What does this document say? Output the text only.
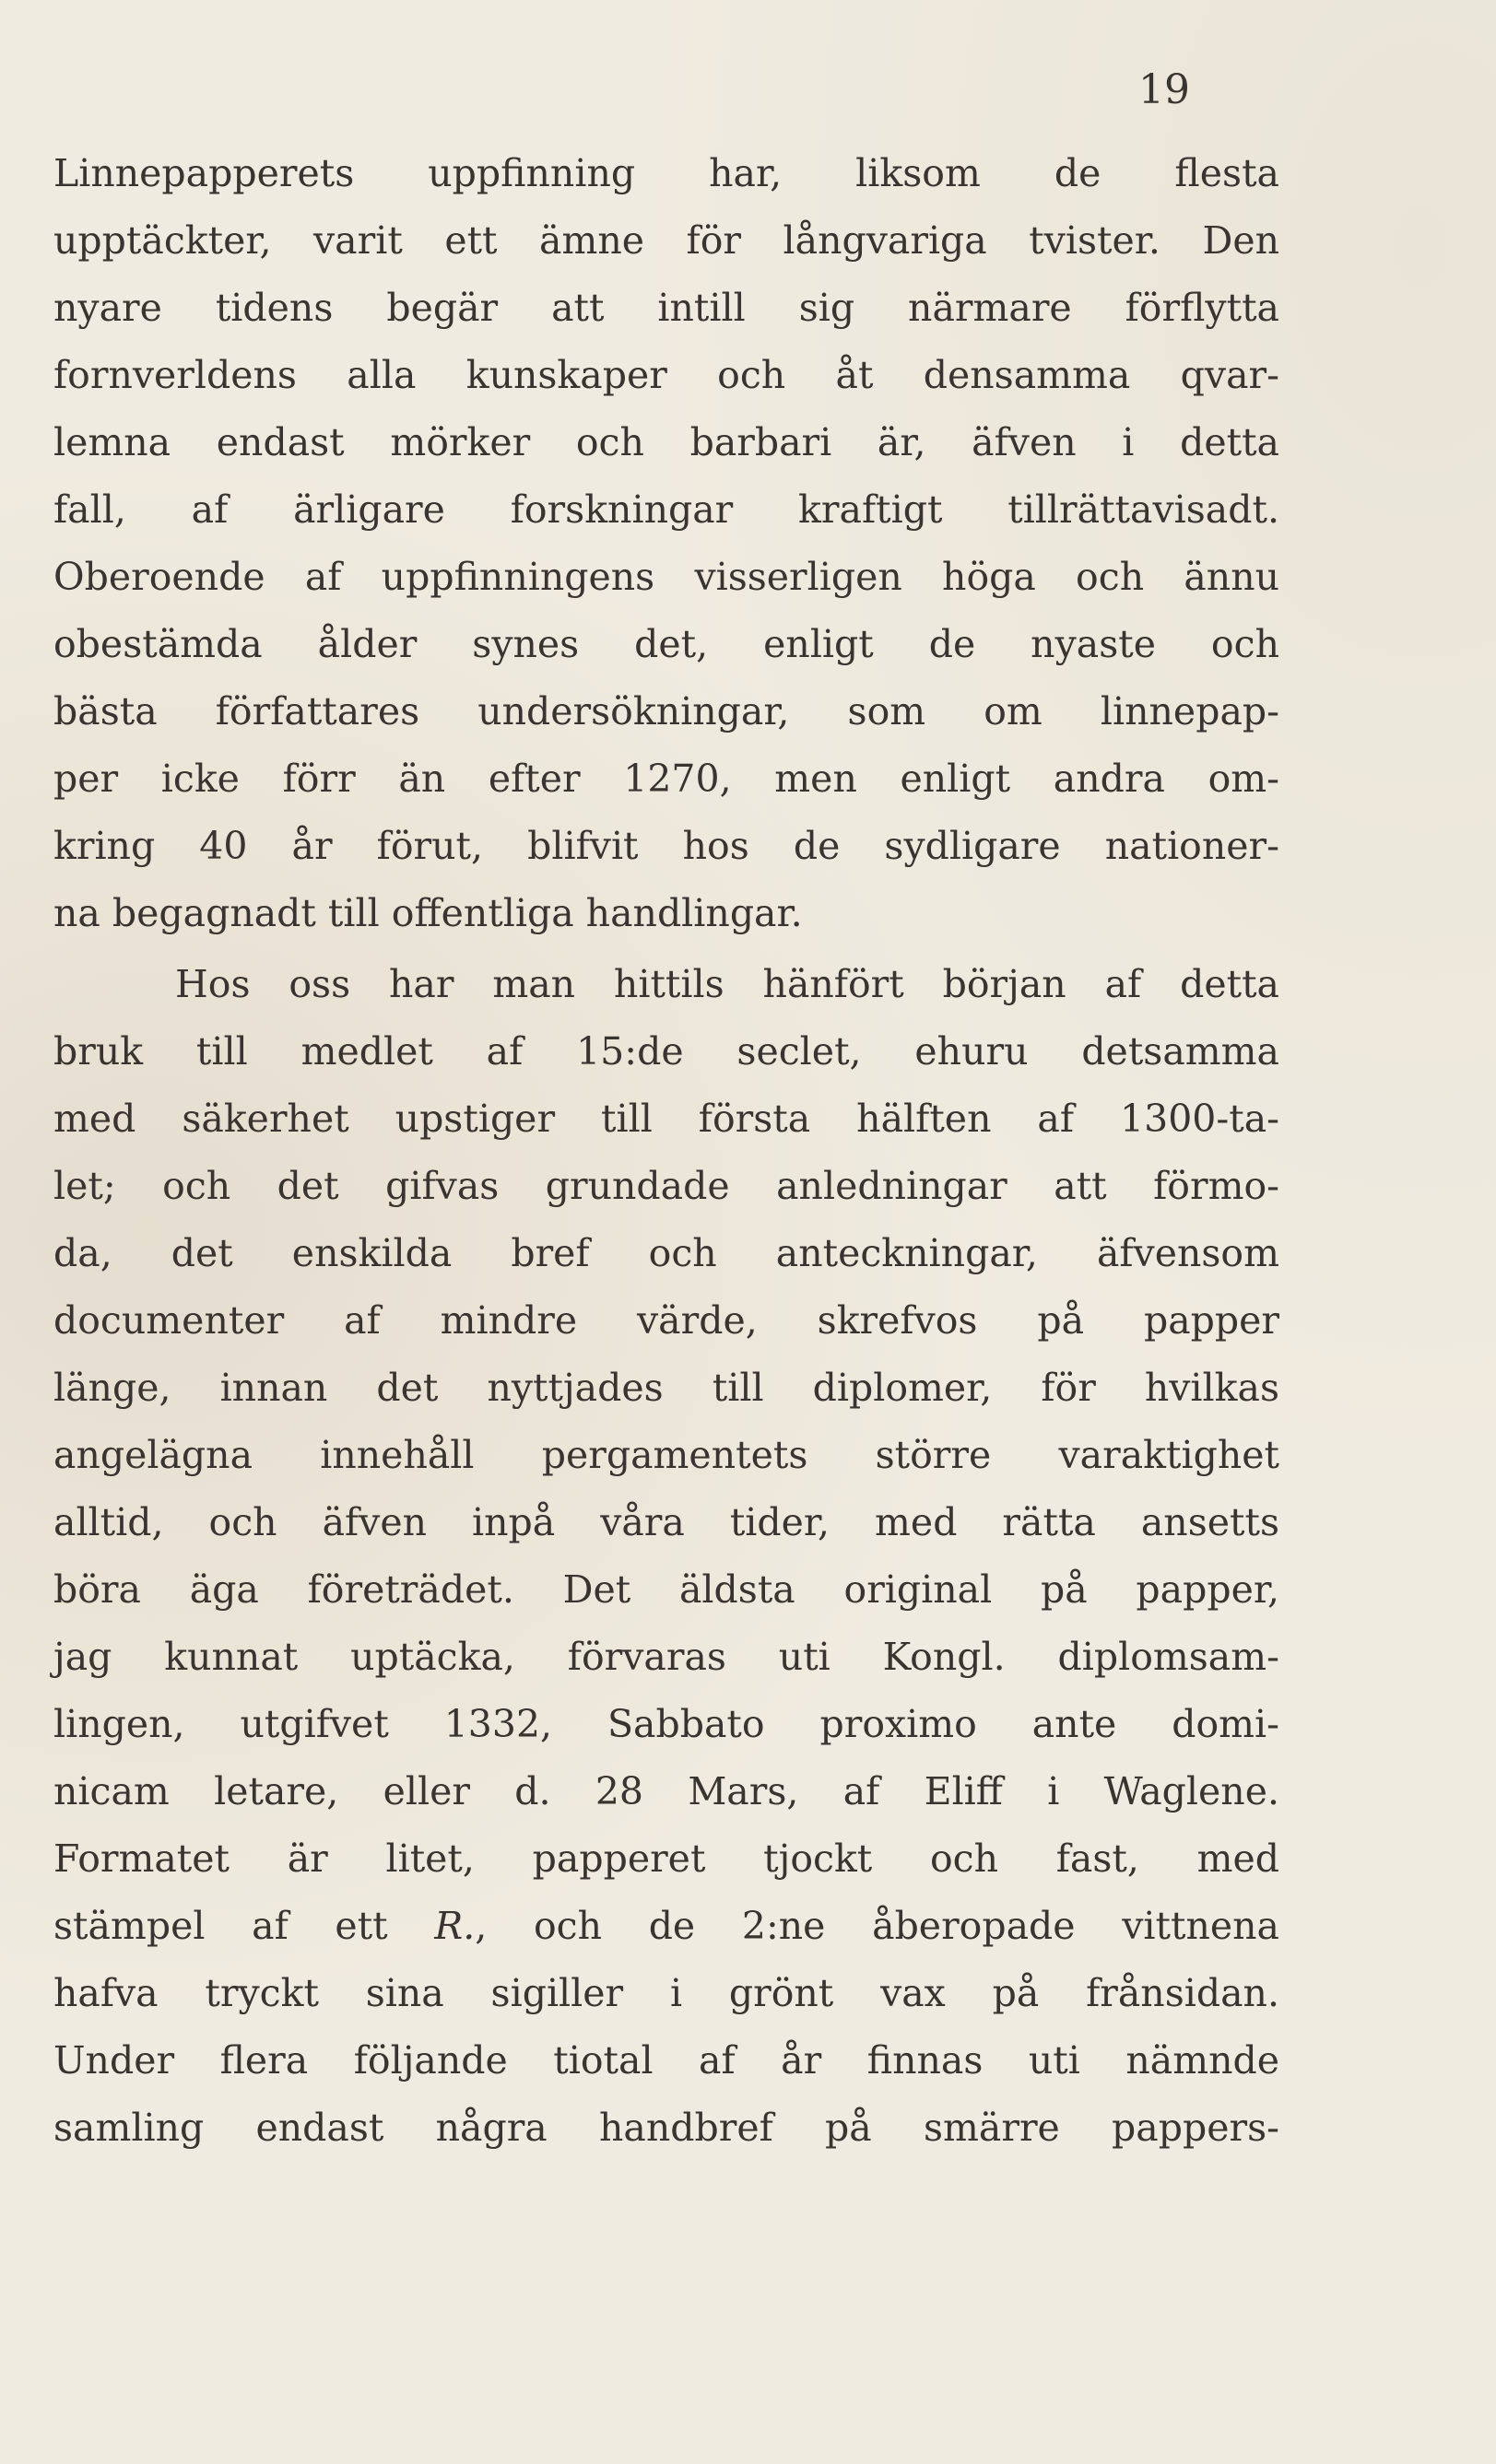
19
Linnepapperets uppfinning har, liksom de flesta
upptäckter, varit ett ämne för långvariga tvister. Den
nyare tidens begär att intill sig närmare förflytta
fornverldens alla kunskaper och åt densamma qvar-
lemna endast mörker och barbari är, äfven i detta
fall, af ärligare forskningar kraftigt tillrättavisadt.
Oberoende af uppfinningens visserligen höga och ännu
obestämda ålder synes det, enligt de nyaste och
bästa författares undersökningar, som om linnepap-
per icke förr än efter 1270, men enligt andra om-
kring 40 år förut, blifvit hos de sydligare nationer-
na begagnadt till offentliga handlingar.
Hos oss har man hittils hänfört början af detta
bruk till medlet af 15:de seclet, ehuru detsamma
med säkerhet upstiger till första hälften af 1300-ta-
let; och det gifvas grundade anledningar att förmo-
da, det enskilda bref och anteckningar, äfvensom
documenter af mindre värde, skrefvos på papper
länge, innan det nyttjades till diplomer, för hvilkas
angelägna innehåll pergamentets större varaktighet
alltid, och äfven inpå våra tider, med rätta ansetts
böra äga företrädet. Det äldsta original på papper,
jag kunnat uptäcka, förvaras uti Kongl. diplomsam-
lingen, utgifvet 1332, Sabbato proximo ante domi-
nicam letare, eller d. 28 Mars, af Eliff i Waglene.
Formatet är litet, papperet tjockt och fast, med
stämpel af ett R., och de 2:ne åberopade vittnena
hafva tryckt sina sigiller i grönt vax på frånsidan.
Under flera följande tiotal af år finnas uti nämnde
samling endast några handbref på smärre pappers-
